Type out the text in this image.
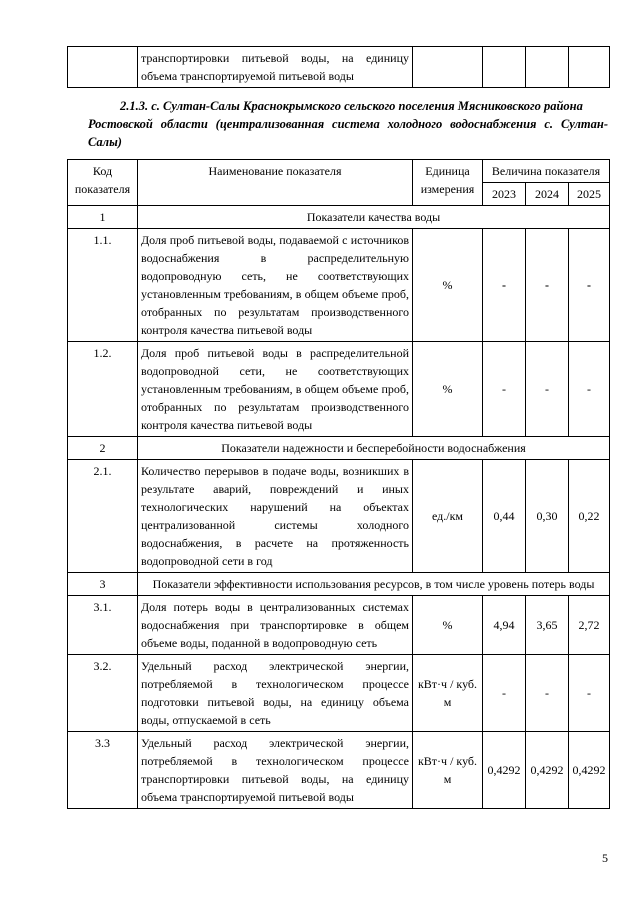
	транспортировки питьевой воды, на единицу объема транспортируемой питьевой воды				
2.1.3. с. Султан-Салы Краснокрымского сельского поселения Мясниковского района
Ростовской области (централизованная система холодного водоснабжения с. Султан-Салы)
Код показателя	Наименование показателя	Единица измерения	Величина показателя		
			2023	2024	2025
1	Показатели качества воды				
1.1.	Доля проб питьевой воды, подаваемой с источников водоснабжения в распределительную водопроводную сеть, не соответствующих установленным требованиям, в общем объеме проб, отобранных по результатам производственного контроля качества питьевой воды	%	-	-	-
1.2.	Доля проб питьевой воды в распределительной водопроводной сети, не соответствующих установленным требованиям, в общем объеме проб, отобранных по результатам производственного контроля качества питьевой воды	%	-	-	-
2	Показатели надежности и бесперебойности водоснабжения				
2.1.	Количество перерывов в подаче воды, возникших в результате аварий, повреждений и иных технологических нарушений на объектах централизованной системы холодного водоснабжения, в расчете на протяженность водопроводной сети в год	ед./км	0,44	0,30	0,22
3	Показатели эффективности использования ресурсов, в том числе уровень потерь воды				
3.1.	Доля потерь воды в централизованных системах водоснабжения при транспортировке в общем объеме воды, поданной в водопроводную сеть	%	4,94	3,65	2,72
3.2.	Удельный расход электрической энергии, потребляемой в технологическом процессе подготовки питьевой воды, на единицу объема воды, отпускаемой в сеть	кВт·ч / куб. м	-	-	-
3.3	Удельный расход электрической энергии, потребляемой в технологическом процессе транспортировки питьевой воды, на единицу объема транспортируемой питьевой воды	кВт·ч / куб. м	0,4292	0,4292	0,4292
5
